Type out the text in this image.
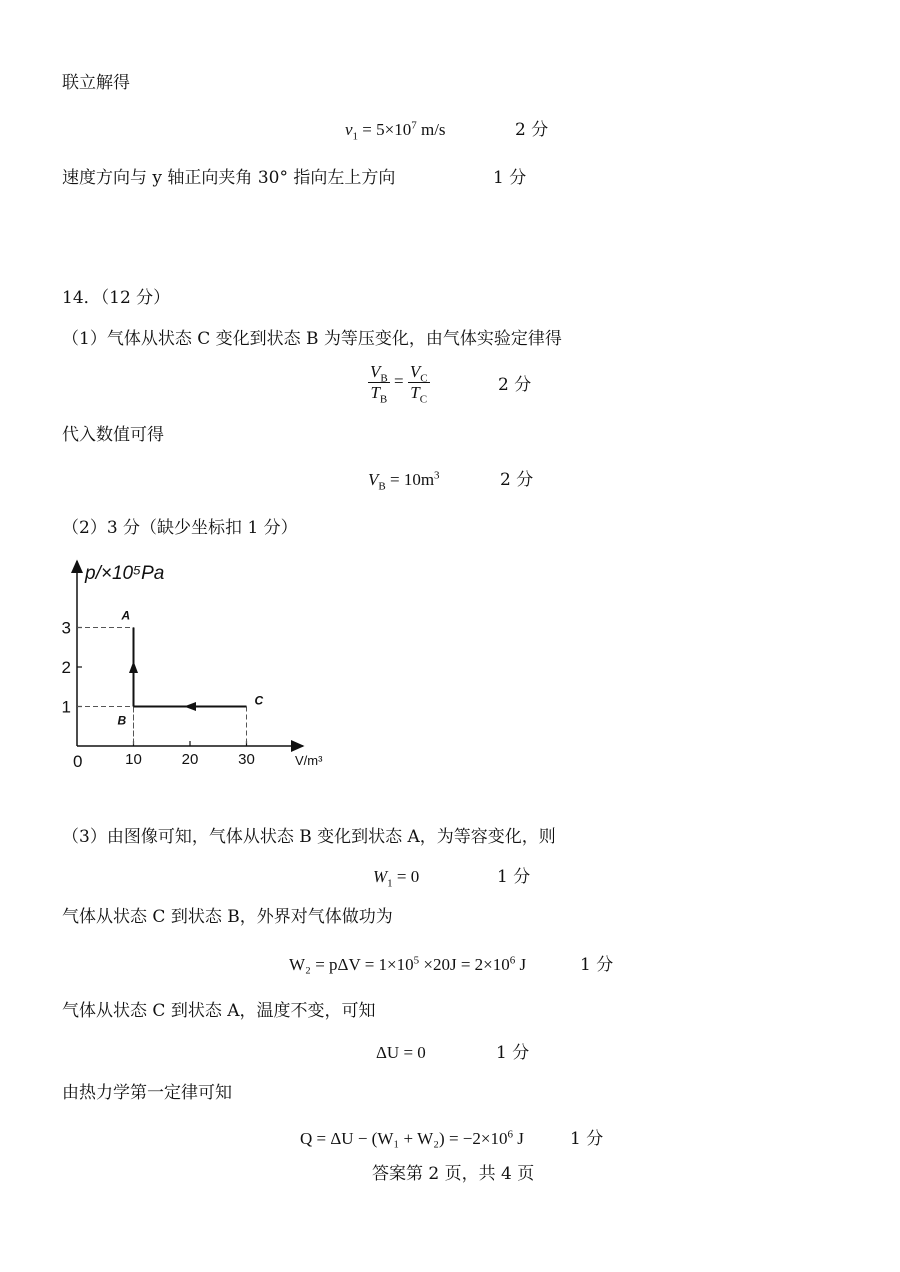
联立解得
$v_1 = 5\times 10^7$ m/s	2 分
速度方向与 y 轴正向夹角 30° 指向左上方向	1 分
14．（12 分）
（1）气体从状态 C 变化到状态 B 为等压变化，由气体实验定律得
$\frac{V_B}{T_B} = \frac{V_C}{T_C}$	2 分
代入数值可得
$V_B = 10m^3$	2 分
（2）3 分（缺少坐标扣 1 分）
p/×10⁵Pa
V/m³
0	10	20	30
1
2
3
A
B
C
（3）由图像可知，气体从状态 B 变化到状态 A，为等容变化，则
$W_1 = 0$	1 分
气体从状态 C 到状态 B，外界对气体做功为
$W_2 = p\Delta V = 1\times 10^5 \times 20J = 2\times 10^6$ J	1 分
气体从状态 C 到状态 A，温度不变，可知
ΔU = 0	1 分
由热力学第一定律可知
$Q = \Delta U - (W_1 + W_2) = -2\times 10^6$ J	1 分
答案第 2 页，共 4 页
